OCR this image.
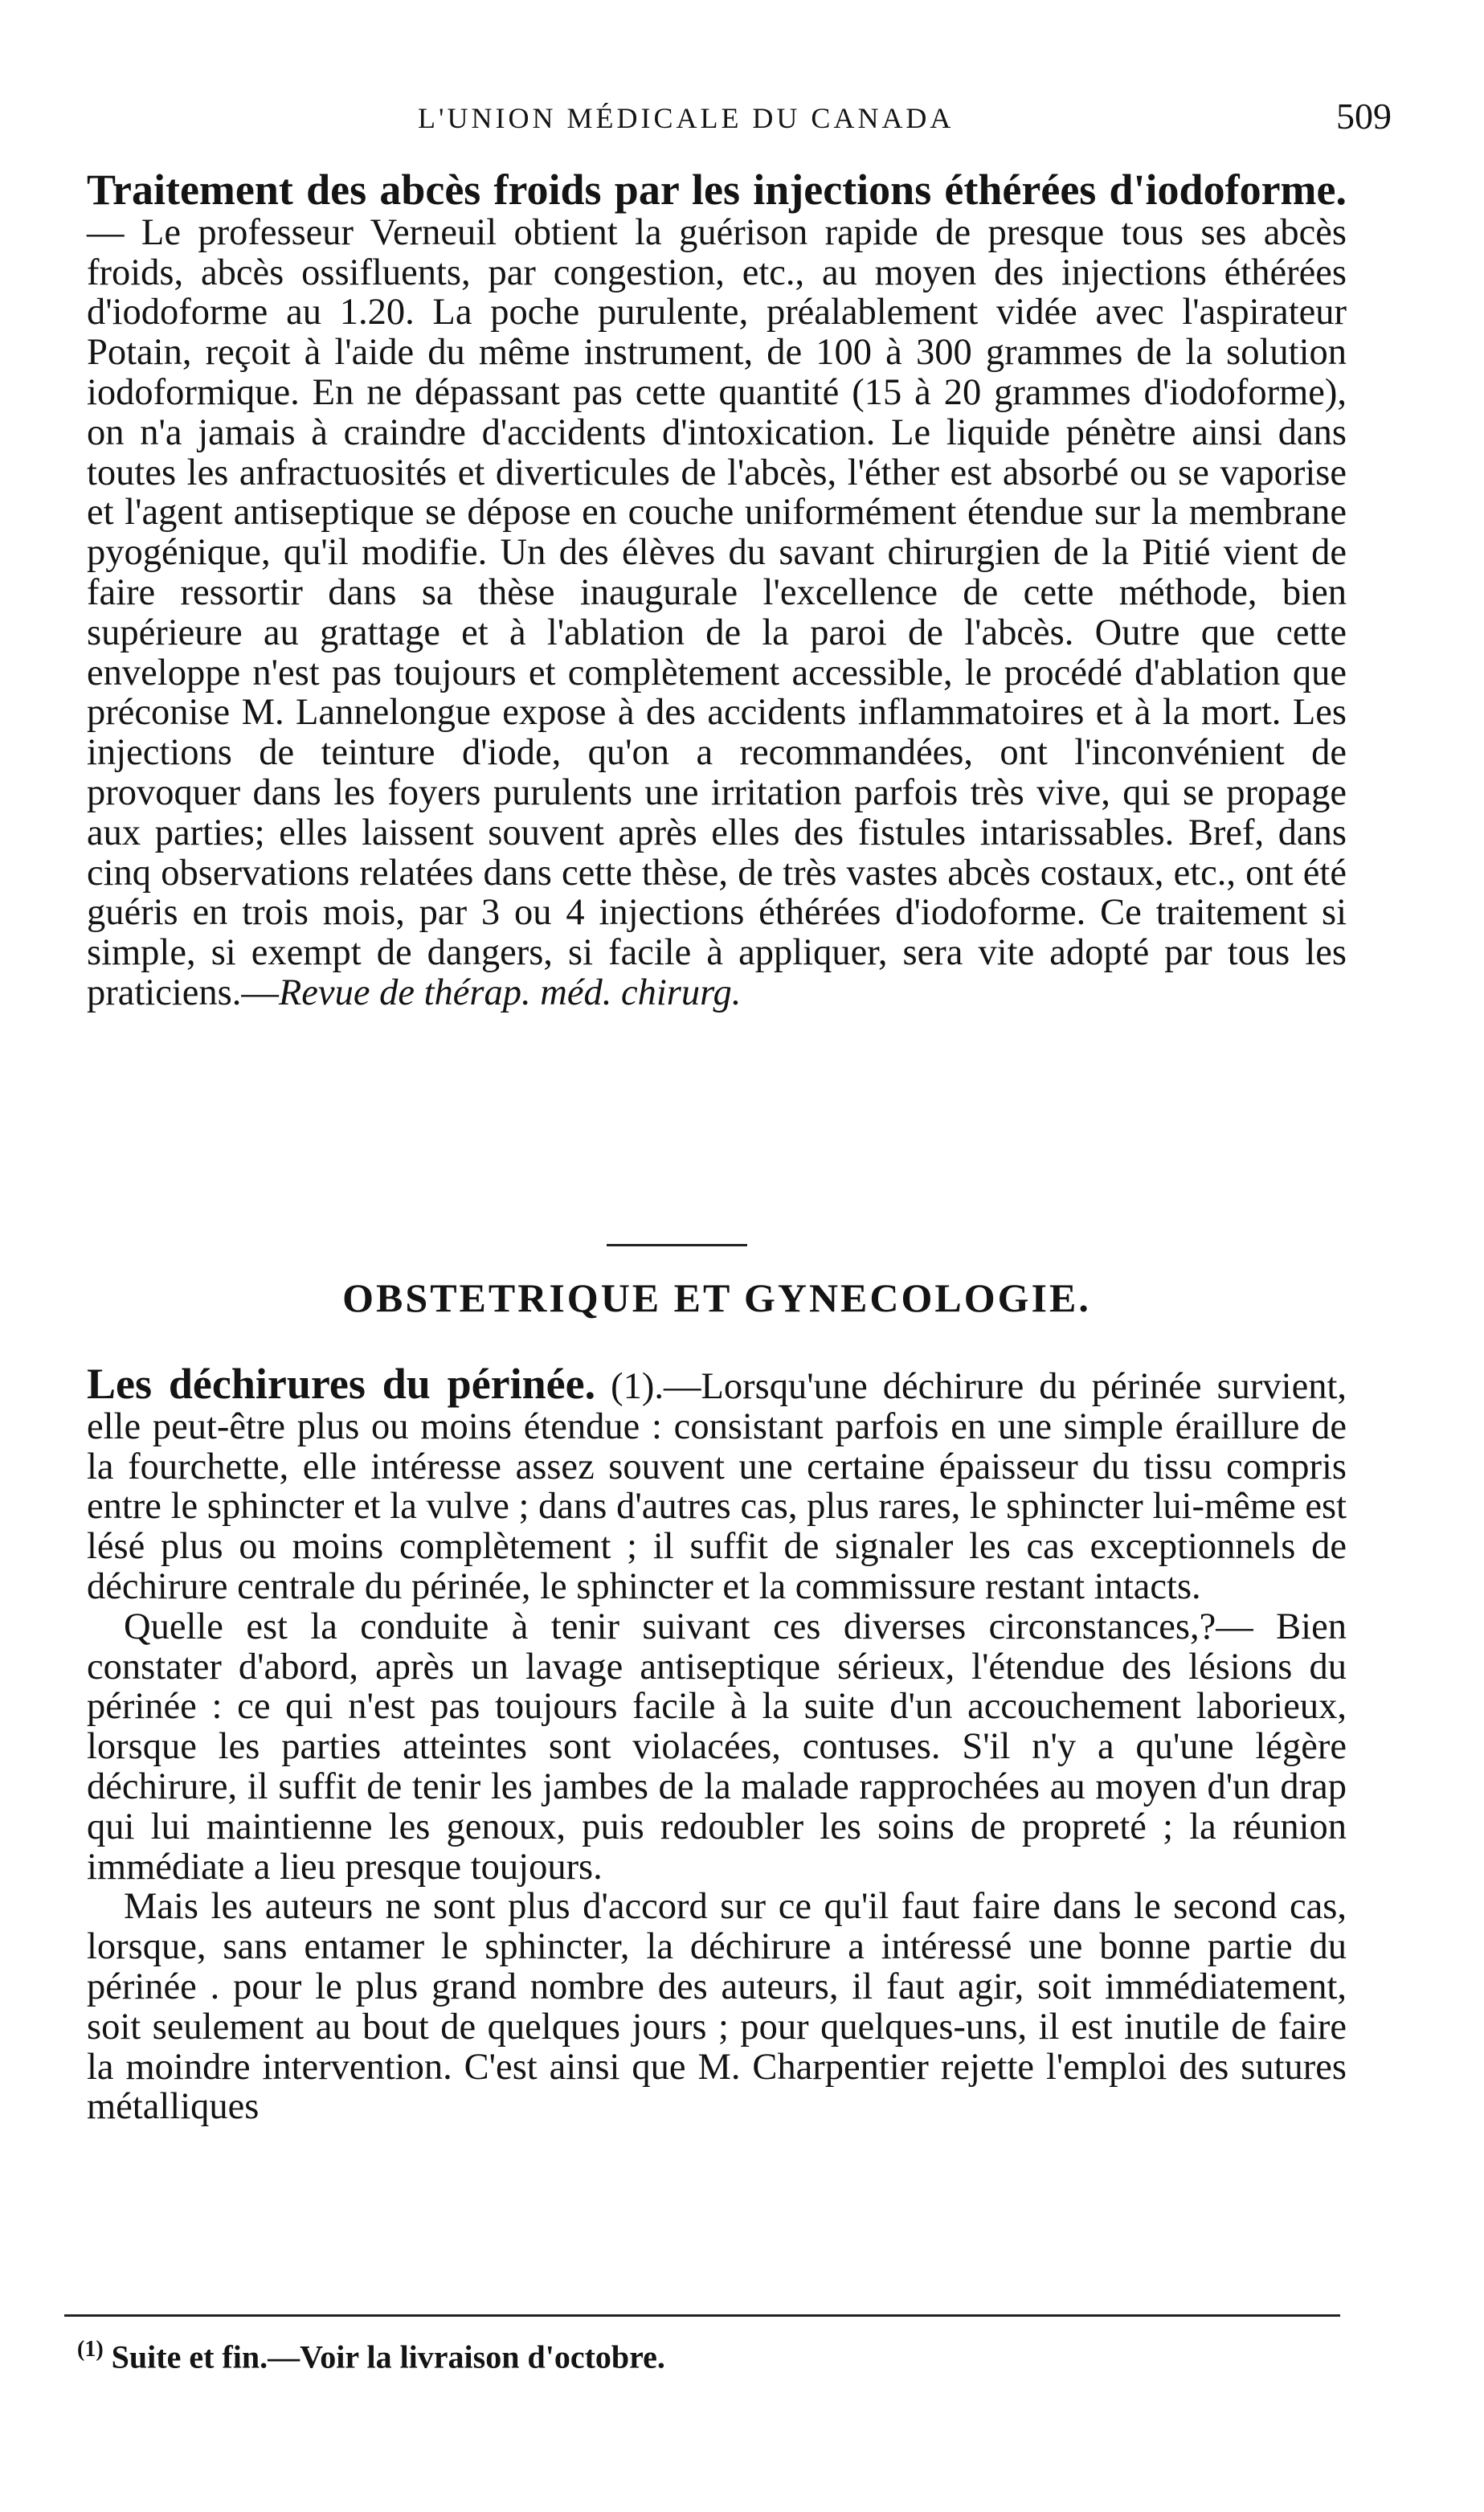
L'UNION MÉDICALE DU CANADA	509

Traitement des abcès froids par les injections éthérées d'iodoforme. — Le professeur Verneuil obtient la guérison rapide de presque tous ses abcès froids, abcès ossifluents, par congestion, etc., au moyen des injections éthérées d'iodoforme au 1.20. La poche purulente, préalablement vidée avec l'aspirateur Potain, reçoit à l'aide du même instrument, de 100 à 300 grammes de la solution iodoformique. En ne dépassant pas cette quantité (15 à 20 grammes d'iodoforme), on n'a jamais à craindre d'accidents d'intoxication. Le liquide pénètre ainsi dans toutes les anfractuosités et diverticules de l'abcès, l'éther est absorbé ou se vaporise et l'agent antiseptique se dépose en couche uniformément étendue sur la membrane pyogénique, qu'il modifie. Un des élèves du savant chirurgien de la Pitié vient de faire ressortir dans sa thèse inaugurale l'excellence de cette méthode, bien supérieure au grattage et à l'ablation de la paroi de l'abcès. Outre que cette enveloppe n'est pas toujours et complètement accessible, le procédé d'ablation que préconise M. Lannelongue expose à des accidents inflammatoires et à la mort. Les injections de teinture d'iode, qu'on a recommandées, ont l'inconvénient de provoquer dans les foyers purulents une irritation parfois très vive, qui se propage aux parties; elles laissent souvent après elles des fistules intarissables. Bref, dans cinq observations relatées dans cette thèse, de très vastes abcès costaux, etc., ont été guéris en trois mois, par 3 ou 4 injections éthérées d'iodoforme. Ce traitement si simple, si exempt de dangers, si facile à appliquer, sera vite adopté par tous les praticiens.—Revue de thérap. méd. chirurg.

OBSTETRIQUE ET GYNECOLOGIE.

Les déchirures du périnée. (1).—Lorsqu'une déchirure du périnée survient, elle peut-être plus ou moins étendue : consistant parfois en une simple éraillure de la fourchette, elle intéresse assez souvent une certaine épaisseur du tissu compris entre le sphincter et la vulve ; dans d'autres cas, plus rares, le sphincter lui-même est lésé plus ou moins complètement ; il suffit de signaler les cas exceptionnels de déchirure centrale du périnée, le sphincter et la commissure restant intacts.

Quelle est la conduite à tenir suivant ces diverses circonstances,?— Bien constater d'abord, après un lavage antiseptique sérieux, l'étendue des lésions du périnée : ce qui n'est pas toujours facile à la suite d'un accouchement laborieux, lorsque les parties atteintes sont violacées, contuses. S'il n'y a qu'une légère déchirure, il suffit de tenir les jambes de la malade rapprochées au moyen d'un drap qui lui maintienne les genoux, puis redoubler les soins de propreté ; la réunion immédiate a lieu presque toujours.

Mais les auteurs ne sont plus d'accord sur ce qu'il faut faire dans le second cas, lorsque, sans entamer le sphincter, la déchirure a intéressé une bonne partie du périnée . pour le plus grand nombre des auteurs, il faut agir, soit immédiatement, soit seulement au bout de quelques jours ; pour quelques-uns, il est inutile de faire la moindre intervention. C'est ainsi que M. Charpentier rejette l'emploi des sutures métalliques

$^{(1)}$ Suite et fin.—Voir la livraison d'octobre.
